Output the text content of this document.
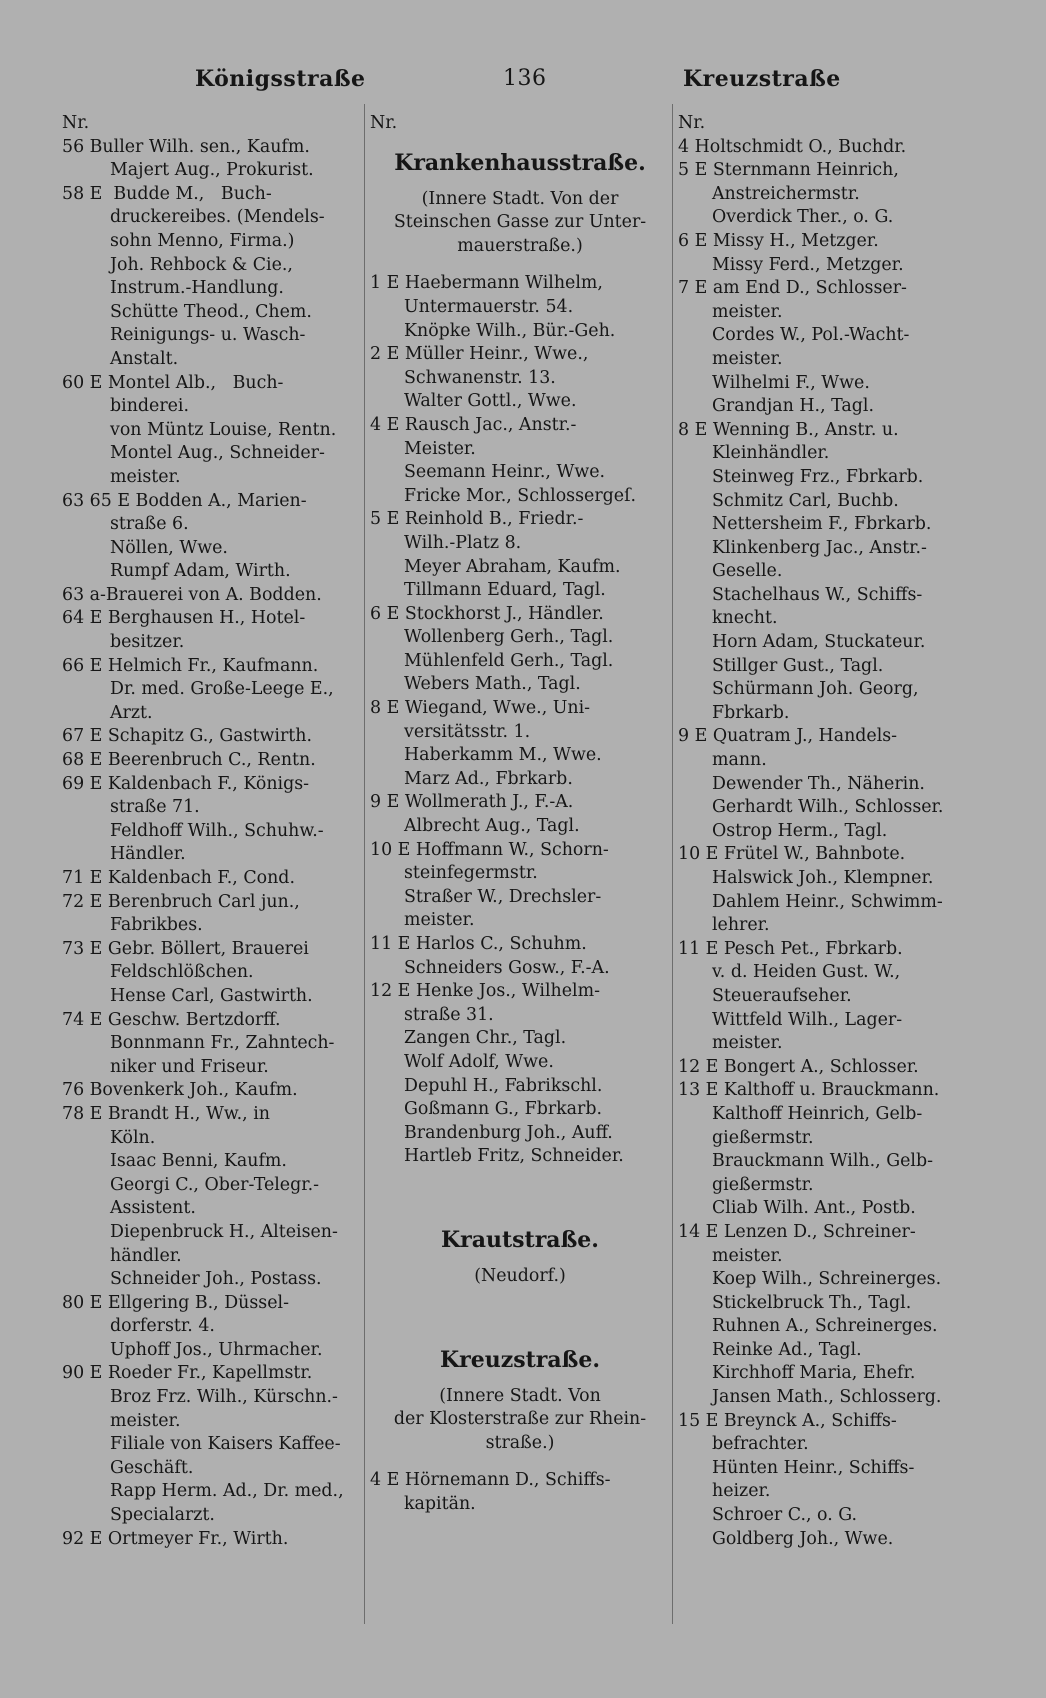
Königsstraße	136	Kreuzstraße
Nr.
56 Buller Wilh. sen., Kaufm.
Majert Aug., Prokurist.
58 E  Budde M.,   Buch-
druckereibes. (Mendels-
sohn Menno, Firma.)
Joh. Rehbock & Cie.,
Instrum.-Handlung.
Schütte Theod., Chem.
Reinigungs- u. Wasch-
Anstalt.
60 E Montel Alb.,   Buch-
binderei.
von Müntz Louise, Rentn.
Montel Aug., Schneider-
meister.
63 65 E Bodden A., Marien-
straße 6.
Nöllen, Wwe.
Rumpf Adam, Wirth.
63 a-Brauerei von A. Bodden.
64 E Berghausen H., Hotel-
besitzer.
66 E Helmich Fr., Kaufmann.
Dr. med. Große-Leege E.,
Arzt.
67 E Schapitz G., Gastwirth.
68 E Beerenbruch C., Rentn.
69 E Kaldenbach F., Königs-
straße 71.
Feldhoff Wilh., Schuhw.-
Händler.
71 E Kaldenbach F., Cond.
72 E Berenbruch Carl jun.,
Fabrikbes.
73 E Gebr. Böllert, Brauerei
Feldschlößchen.
Hense Carl, Gastwirth.
74 E Geschw. Bertzdorff.
Bonnmann Fr., Zahntech-
niker und Friseur.
76 Bovenkerk Joh., Kaufm.
78 E Brandt H., Ww., in
Köln.
Isaac Benni, Kaufm.
Georgi C., Ober-Telegr.-
Assistent.
Diepenbruck H., Alteisen-
händler.
Schneider Joh., Postass.
80 E Ellgering B., Düssel-
dorferstr. 4.
Uphoff Jos., Uhrmacher.
90 E Roeder Fr., Kapellmstr.
Broz Frz. Wilh., Kürschn.-
meister.
Filiale von Kaisers Kaffee-
Geschäft.
Rapp Herm. Ad., Dr. med.,
Specialarzt.
92 E Ortmeyer Fr., Wirth.
Nr.
Krankenhausstraße.
(Innere Stadt. Von der
Steinschen Gasse zur Unter-
mauerstraße.)
1 E Haebermann Wilhelm,
Untermauerstr. 54.
Knöpke Wilh., Bür.-Geh.
2 E Müller Heinr., Wwe.,
Schwanenstr. 13.
Walter Gottl., Wwe.
4 E Rausch Jac., Anstr.-
Meister.
Seemann Heinr., Wwe.
Fricke Mor., Schlossergeſ.
5 E Reinhold B., Friedr.-
Wilh.-Platz 8.
Meyer Abraham, Kaufm.
Tillmann Eduard, Tagl.
6 E Stockhorst J., Händler.
Wollenberg Gerh., Tagl.
Mühlenfeld Gerh., Tagl.
Webers Math., Tagl.
8 E Wiegand, Wwe., Uni-
versitätsstr. 1.
Haberkamm M., Wwe.
Marz Ad., Fbrkarb.
9 E Wollmerath J., F.-A.
Albrecht Aug., Tagl.
10 E Hoffmann W., Schorn-
steinfegermstr.
Straßer W., Drechsler-
meister.
11 E Harlos C., Schuhm.
Schneiders Gosw., F.-A.
12 E Henke Jos., Wilhelm-
straße 31.
Zangen Chr., Tagl.
Wolf Adolf, Wwe.
Depuhl H., Fabrikschl.
Goßmann G., Fbrkarb.
Brandenburg Joh., Auff.
Hartleb Fritz, Schneider.
Krautstraße.
(Neudorf.)
Kreuzstraße.
(Innere Stadt. Von
der Klosterstraße zur Rhein-
straße.)
4 E Hörnemann D., Schiffs-
kapitän.
Nr.
4 Holtschmidt O., Buchdr.
5 E Sternmann Heinrich,
Anstreichermstr.
Overdick Ther., o. G.
6 E Missy H., Metzger.
Missy Ferd., Metzger.
7 E am End D., Schlosser-
meister.
Cordes W., Pol.-Wacht-
meister.
Wilhelmi F., Wwe.
Grandjan H., Tagl.
8 E Wenning B., Anstr. u.
Kleinhändler.
Steinweg Frz., Fbrkarb.
Schmitz Carl, Buchb.
Nettersheim F., Fbrkarb.
Klinkenberg Jac., Anstr.-
Geselle.
Stachelhaus W., Schiffs-
knecht.
Horn Adam, Stuckateur.
Stillger Gust., Tagl.
Schürmann Joh. Georg,
Fbrkarb.
9 E Quatram J., Handels-
mann.
Dewender Th., Näherin.
Gerhardt Wilh., Schlosser.
Ostrop Herm., Tagl.
10 E Frütel W., Bahnbote.
Halswick Joh., Klempner.
Dahlem Heinr., Schwimm-
lehrer.
11 E Pesch Pet., Fbrkarb.
v. d. Heiden Gust. W.,
Steueraufseher.
Wittfeld Wilh., Lager-
meister.
12 E Bongert A., Schlosser.
13 E Kalthoff u. Brauckmann.
Kalthoff Heinrich, Gelb-
gießermstr.
Brauckmann Wilh., Gelb-
gießermstr.
Cliab Wilh. Ant., Postb.
14 E Lenzen D., Schreiner-
meister.
Koep Wilh., Schreinerges.
Stickelbruck Th., Tagl.
Ruhnen A., Schreinerges.
Reinke Ad., Tagl.
Kirchhoff Maria, Ehefr.
Jansen Math., Schlosserg.
15 E Breynck A., Schiffs-
befrachter.
Hünten Heinr., Schiffs-
heizer.
Schroer C., o. G.
Goldberg Joh., Wwe.
